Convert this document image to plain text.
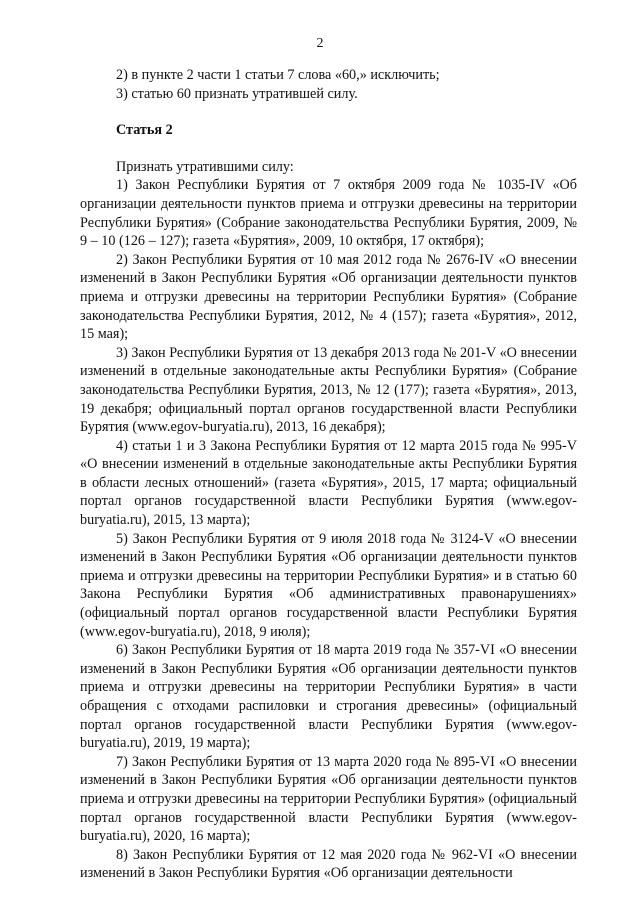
2

2) в пункте 2 части 1 статьи 7 слова «60,» исключить;

3) статью 60 признать утратившей силу.

Статья 2

Признать утратившими силу:

1) Закон Республики Бурятия от 7 октября 2009 года № 1035-IV «Об организации деятельности пунктов приема и отгрузки древесины на территории Республики Бурятия» (Собрание законодательства Республики Бурятия, 2009, № 9 – 10 (126 – 127); газета «Бурятия», 2009, 10 октября, 17 октября);

2) Закон Республики Бурятия от 10 мая 2012 года № 2676-IV «О внесении изменений в Закон Республики Бурятия «Об организации деятельности пунктов приема и отгрузки древесины на территории Республики Бурятия» (Собрание законодательства Республики Бурятия, 2012, № 4 (157); газета «Бурятия», 2012, 15 мая);

3) Закон Республики Бурятия от 13 декабря 2013 года № 201-V «О внесении изменений в отдельные законодательные акты Республики Бурятия» (Собрание законодательства Республики Бурятия, 2013, № 12 (177); газета «Бурятия», 2013, 19 декабря; официальный портал органов государственной власти Республики Бурятия (www.egov-buryatia.ru), 2013, 16 декабря);

4) статьи 1 и 3 Закона Республики Бурятия от 12 марта 2015 года № 995-V «О внесении изменений в отдельные законодательные акты Республики Бурятия в области лесных отношений» (газета «Бурятия», 2015, 17 марта; официальный портал органов государственной власти Республики Бурятия (www.egov-buryatia.ru), 2015, 13 марта);

5) Закон Республики Бурятия от 9 июля 2018 года № 3124-V «О внесении изменений в Закон Республики Бурятия «Об организации деятельности пунктов приема и отгрузки древесины на территории Республики Бурятия» и в статью 60 Закона Республики Бурятия «Об административных правонарушениях» (официальный портал органов государственной власти Республики Бурятия (www.egov-buryatia.ru), 2018, 9 июля);

6) Закон Республики Бурятия от 18 марта 2019 года № 357-VI «О внесении изменений в Закон Республики Бурятия «Об организации деятельности пунктов приема и отгрузки древесины на территории Республики Бурятия» в части обращения с отходами распиловки и строгания древесины» (официальный портал органов государственной власти Республики Бурятия (www.egov-buryatia.ru), 2019, 19 марта);

7) Закон Республики Бурятия от 13 марта 2020 года № 895-VI «О внесении изменений в Закон Республики Бурятия «Об организации деятельности пунктов приема и отгрузки древесины на территории Республики Бурятия» (официальный портал органов государственной власти Республики Бурятия (www.egov-buryatia.ru), 2020, 16 марта);

8) Закон Республики Бурятия от 12 мая 2020 года № 962-VI «О внесении изменений в Закон Республики Бурятия «Об организации деятельности
